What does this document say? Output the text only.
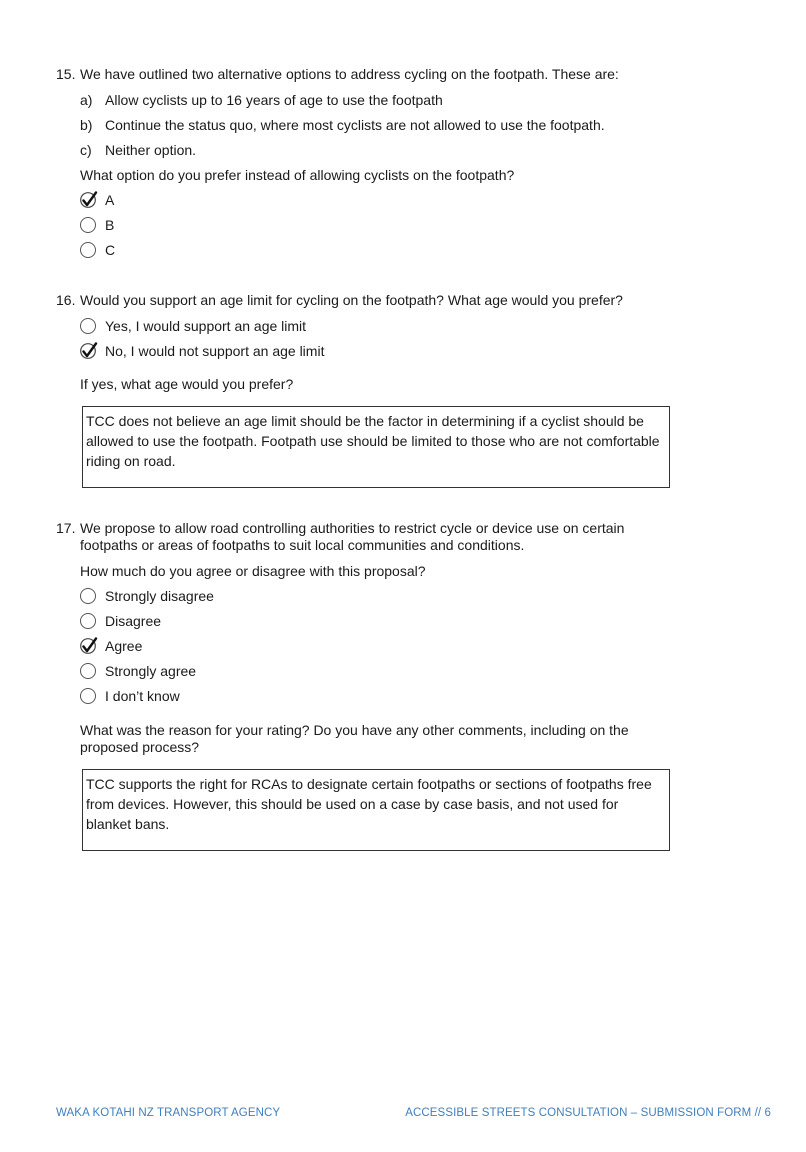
15. We have outlined two alternative options to address cycling on the footpath. These are:
a) Allow cyclists up to 16 years of age to use the footpath
b) Continue the status quo, where most cyclists are not allowed to use the footpath.
c) Neither option.
What option do you prefer instead of allowing cyclists on the footpath?
A
B
C
16. Would you support an age limit for cycling on the footpath? What age would you prefer?
Yes, I would support an age limit
No, I would not support an age limit
If yes, what age would you prefer?
TCC does not believe an age limit should be the factor in determining if a cyclist should be
allowed to use the footpath. Footpath use should be limited to those who are not comfortable
riding on road.
17. We propose to allow road controlling authorities to restrict cycle or device use on certain
footpaths or areas of footpaths to suit local communities and conditions.
How much do you agree or disagree with this proposal?
Strongly disagree
Disagree
Agree
Strongly agree
I don’t know
What was the reason for your rating? Do you have any other comments, including on the
proposed process?
TCC supports the right for RCAs to designate certain footpaths or sections of footpaths free
from devices. However, this should be used on a case by case basis, and not used for
blanket bans.
WAKA KOTAHI NZ TRANSPORT AGENCY	ACCESSIBLE STREETS CONSULTATION – SUBMISSION FORM // 6
